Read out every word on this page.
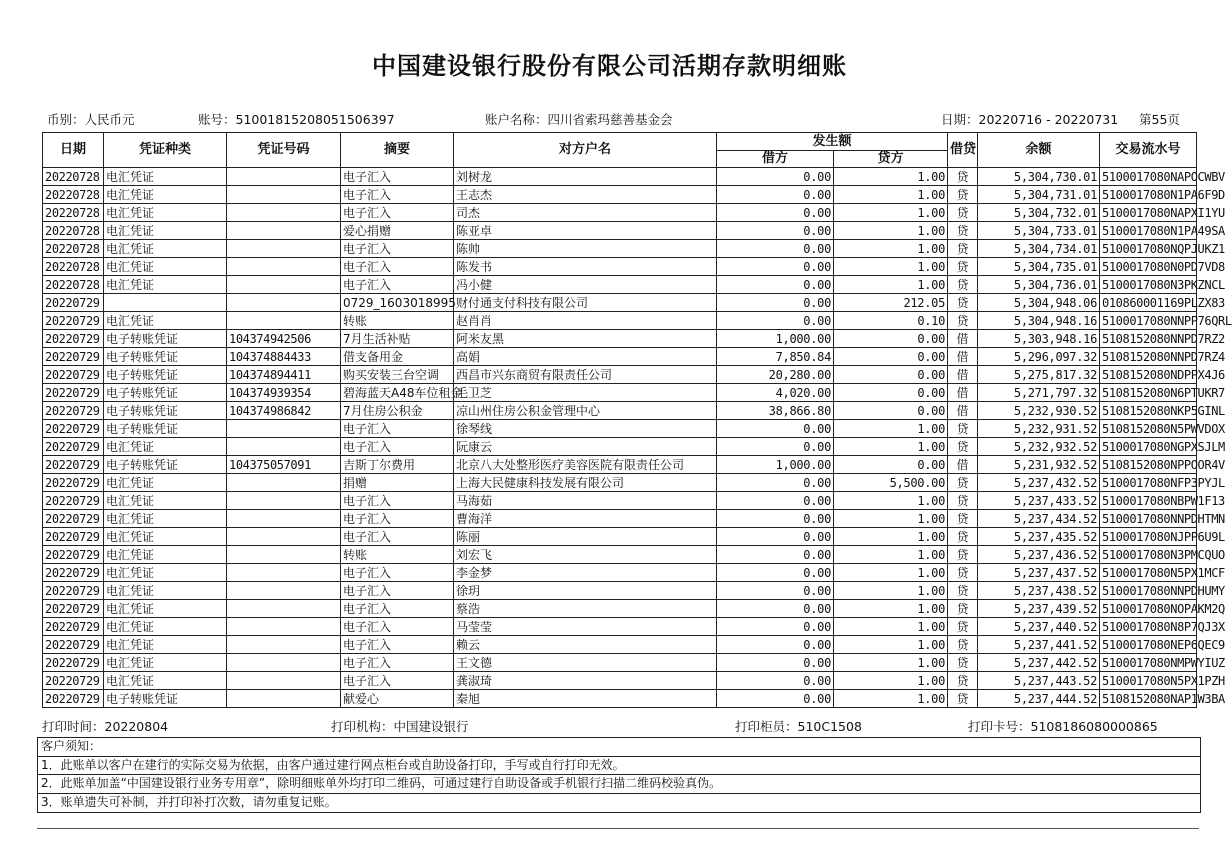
中国建设银行股份有限公司活期存款明细账
币别：人民币元	账号：51001815208051506397	账户名称：四川省索玛慈善基金会	日期：20220716 - 20220731 第55页
日期	凭证种类	凭证号码	摘要	对方户名	发生额		借贷	余额	交易流水号
					借方	贷方			
20220728	电汇凭证		电子汇入	刘树龙	0.00	1.00	贷	5,304,730.01	5100017080NAPOCWBV
20220728	电汇凭证		电子汇入	王志杰	0.00	1.00	贷	5,304,731.01	5100017080N1PA6F9D
20220728	电汇凭证		电子汇入	司杰	0.00	1.00	贷	5,304,732.01	5100017080NAPXI1YU
20220728	电汇凭证		爱心捐赠	陈亚卓	0.00	1.00	贷	5,304,733.01	5100017080N1PA49SA
20220728	电汇凭证		电子汇入	陈帅	0.00	1.00	贷	5,304,734.01	5100017080NQPJUKZ1
20220728	电汇凭证		电子汇入	陈发书	0.00	1.00	贷	5,304,735.01	5100017080N0PD7VD8
20220728	电汇凭证		电子汇入	冯小健	0.00	1.00	贷	5,304,736.01	5100017080N3PKZNCL
20220729			0729_1603018995	财付通支付科技有限公司	0.00	212.05	贷	5,304,948.06	010860001169PLZX83
20220729	电汇凭证		转账	赵肖肖	0.00	0.10	贷	5,304,948.16	5100017080NNPP76QRL
20220729	电子转账凭证	104374942506	7月生活补贴	阿米友黑	1,000.00	0.00	借	5,303,948.16	5108152080NNPD7RZ2
20220729	电子转账凭证	104374884433	借支备用金	高娟	7,850.84	0.00	借	5,296,097.32	5108152080NNPD7RZ4
20220729	电子转账凭证	104374894411	购买安装三台空调	西昌市兴东商贸有限责任公司	20,280.00	0.00	借	5,275,817.32	5108152080NDPPX4J6
20220729	电子转账凭证	104374939354	碧海蓝天A48车位租金	毛卫芝	4,020.00	0.00	借	5,271,797.32	5108152080N6PTUKR7
20220729	电子转账凭证	104374986842	7月住房公积金	凉山州住房公积金管理中心	38,866.80	0.00	借	5,232,930.52	5108152080NKP5GINL
20220729	电子转账凭证		电子汇入	徐琴线	0.00	1.00	贷	5,232,931.52	5108152080N5PWVDOX
20220729	电汇凭证		电子汇入	阮康云	0.00	1.00	贷	5,232,932.52	5100017080NGPXSJLM
20220729	电子转账凭证	104375057091	吉斯丁尔费用	北京八大处整形医疗美容医院有限责任公司	1,000.00	0.00	借	5,231,932.52	5108152080NPPOOR4V
20220729	电汇凭证		捐赠	上海大民健康科技发展有限公司	0.00	5,500.00	贷	5,237,432.52	5100017080NFP3PYJL
20220729	电汇凭证		电子汇入	马海茹	0.00	1.00	贷	5,237,433.52	5100017080NBPW1F13
20220729	电汇凭证		电子汇入	曹海洋	0.00	1.00	贷	5,237,434.52	5100017080NNPDHTMN
20220729	电汇凭证		电子汇入	陈丽	0.00	1.00	贷	5,237,435.52	5100017080NJPP6U9L
20220729	电汇凭证		转账	刘宏飞	0.00	1.00	贷	5,237,436.52	5100017080N3PMCQUO
20220729	电汇凭证		电子汇入	李金梦	0.00	1.00	贷	5,237,437.52	5100017080N5PX1MCF
20220729	电汇凭证		电子汇入	徐玥	0.00	1.00	贷	5,237,438.52	5100017080NNPDHUMY
20220729	电汇凭证		电子汇入	蔡浩	0.00	1.00	贷	5,237,439.52	5100017080NOPAKM2Q
20220729	电汇凭证		电子汇入	马莹莹	0.00	1.00	贷	5,237,440.52	5100017080N8P7QJ3X
20220729	电汇凭证		电子汇入	赖云	0.00	1.00	贷	5,237,441.52	5100017080NEP6QEC9
20220729	电汇凭证		电子汇入	王文德	0.00	1.00	贷	5,237,442.52	5100017080NMPWYIUZ
20220729	电汇凭证		电子汇入	龚淑琦	0.00	1.00	贷	5,237,443.52	5100017080N5PX1PZH
20220729	电子转账凭证		献爱心	秦旭	0.00	1.00	贷	5,237,444.52	5108152080NAP1W3BA
打印时间：20220804	打印机构：中国建设银行	打印柜员：510C1508	打印卡号：5108186080000865
客户须知：
1．此账单以客户在建行的实际交易为依据，由客户通过建行网点柜台或自助设备打印，手写或自行打印无效。
2．此账单加盖“中国建设银行业务专用章”，除明细账单外均打印二维码，可通过建行自助设备或手机银行扫描二维码校验真伪。
3．账单遗失可补制，并打印补打次数，请勿重复记账。
